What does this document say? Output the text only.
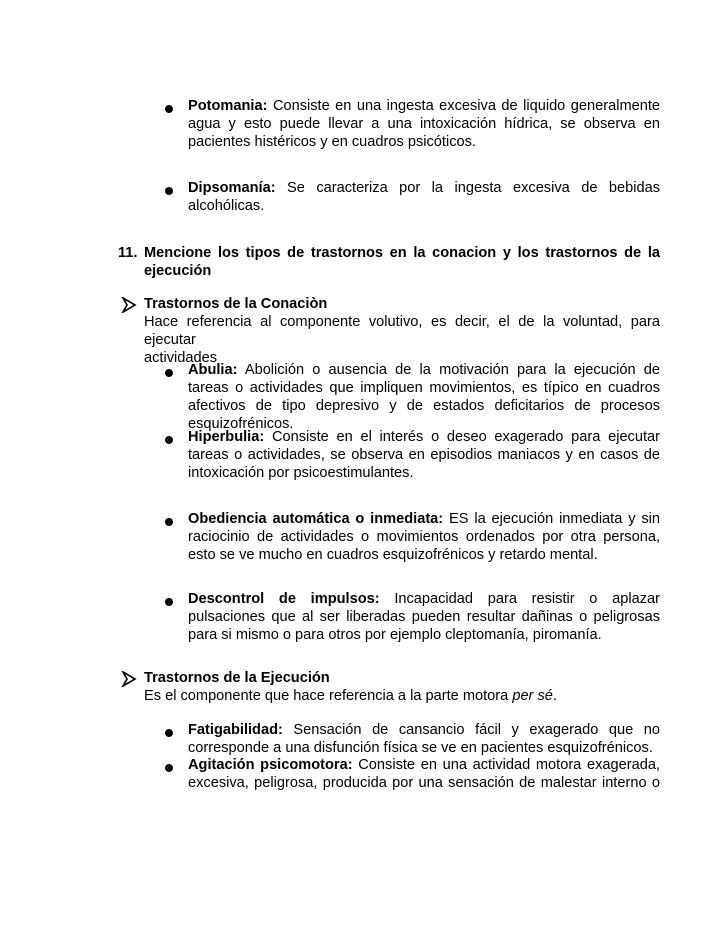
Potomania: Consiste en una ingesta excesiva de liquido generalmente agua y esto puede llevar a una intoxicación hídrica, se observa en pacientes histéricos y en cuadros psicóticos.
Dipsomanía: Se caracteriza por la ingesta excesiva de bebidas alcohólicas.
11. Mencione los tipos de trastornos en la conacion y los trastornos de la
ejecución
Trastornos de la Conaciòn
Hace referencia al componente volutivo, es decir, el de la voluntad, para ejecutar
actividades
Abulia: Abolición o ausencia de la motivación para la ejecución de tareas o actividades que impliquen movimientos, es típico en cuadros afectivos de tipo depresivo y de estados deficitarios de procesos esquizofrénicos.
Hiperbulia: Consiste en el interés o deseo exagerado para ejecutar tareas o actividades, se observa en episodios maniacos y en casos de intoxicación por psicoestimulantes.
Obediencia automática o inmediata: ES la ejecución inmediata y sin raciocinio de actividades o movimientos ordenados por otra persona, esto se ve mucho en cuadros esquizofrénicos y retardo mental.
Descontrol de impulsos: Incapacidad para resistir o aplazar pulsaciones que al ser liberadas pueden resultar dañinas o peligrosas para si mismo o para otros por ejemplo cleptomanía, piromanía.
Trastornos de la Ejecución
Es el componente que hace referencia a la parte motora per sé.
Fatigabilidad: Sensación de cansancio fácil y exagerado que no corresponde a una disfunción física se ve en pacientes esquizofrénicos.
Agitación psicomotora: Consiste en una actividad motora exagerada, excesiva, peligrosa, producida por una sensación de malestar interno o
